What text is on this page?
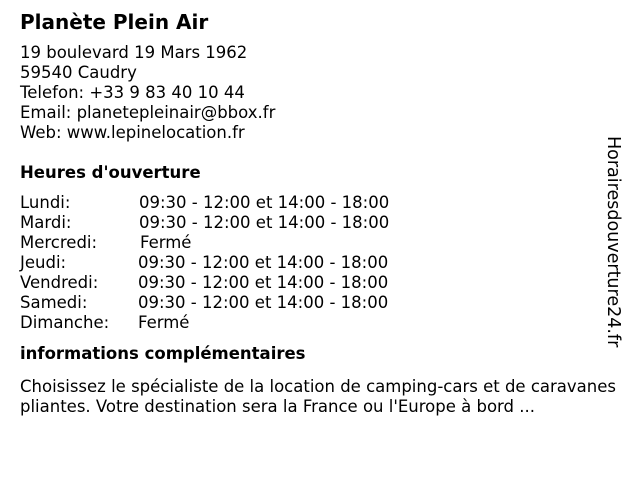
Planète Plein Air
19 boulevard 19 Mars 1962
59540 Caudry
Telefon: +33 9 83 40 10 44
Email: planetepleinair@bbox.fr
Web: www.lepinelocation.fr
Heures d'ouverture
Lundi:	09:30 - 12:00 et 14:00 - 18:00
Mardi:	09:30 - 12:00 et 14:00 - 18:00
Mercredi:	Fermé
Jeudi:	09:30 - 12:00 et 14:00 - 18:00
Vendredi: 09:30 - 12:00 et 14:00 - 18:00
Samedi:	09:30 - 12:00 et 14:00 - 18:00
Dimanche: Fermé
informations complémentaires
Choisissez le spécialiste de la location de camping-cars et de caravanes pliantes. Votre destination sera la France ou l'Europe à bord ...
Horairesdouverture24.fr
